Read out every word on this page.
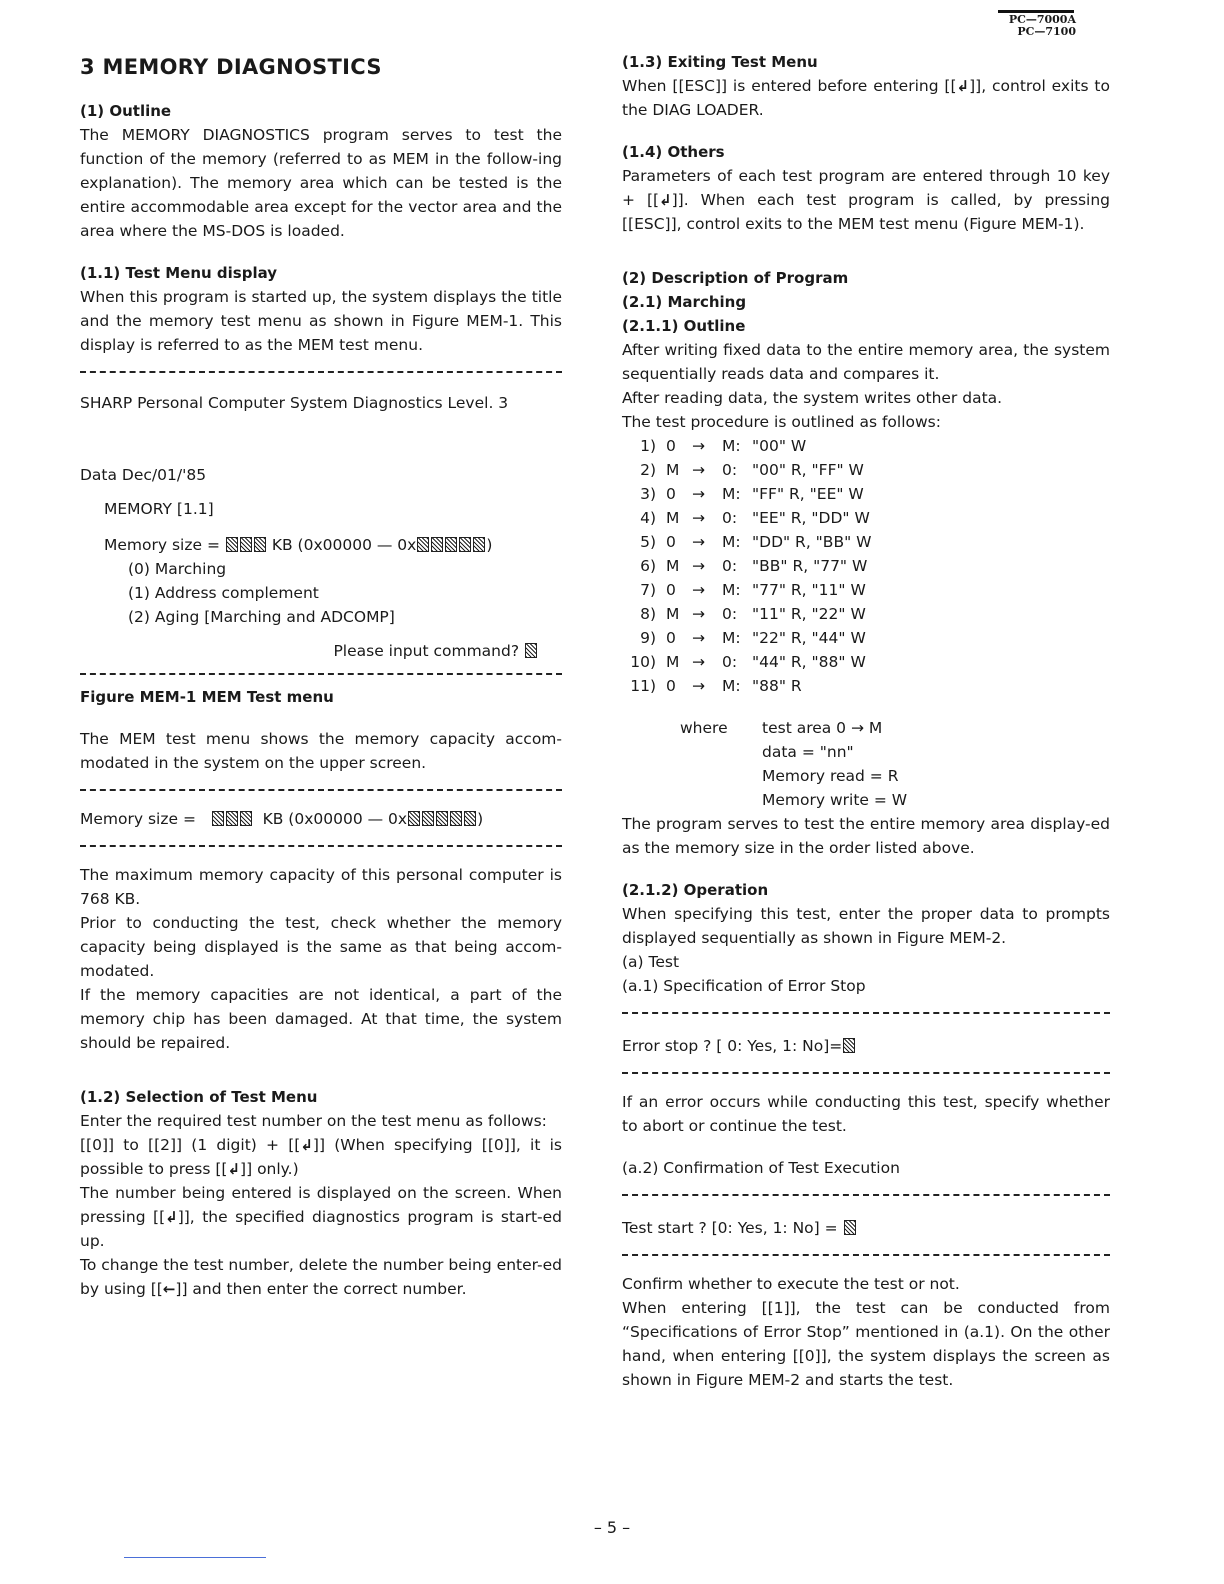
PC—7000A
PC—7100
3 MEMORY DIAGNOSTICS

(1) Outline

The MEMORY DIAGNOSTICS program serves to test the function of the memory (referred to as MEM in the follow-ing explanation). The memory area which can be tested is the entire accommodable area except for the vector area and the area where the MS-DOS is loaded.

(1.1) Test Menu display

When this program is started up, the system displays the title and the memory test menu as shown in Figure MEM-1. This display is referred to as the MEM test menu.

SHARP Personal Computer System Diagnostics Level. 3

Data Dec/01/'85

MEMORY [1.1]

Memory size =	KB (0x00000 — 0x	)

(0) Marching

(1) Address complement

(2) Aging [Marching and ADCOMP]

Please input command?

Figure MEM-1 MEM Test menu

The MEM test menu shows the memory capacity accom-modated in the system on the upper screen.

Memory size =	KB (0x00000 — 0x	)

The maximum memory capacity of this personal computer is 768 KB.

Prior to conducting the test, check whether the memory capacity being displayed is the same as that being accom-modated.

If the memory capacities are not identical, a part of the memory chip has been damaged. At that time, the system should be repaired.

(1.2) Selection of Test Menu

Enter the required test number on the test menu as follows:

[[0]] to [[2]] (1 digit) + [[↲]] (When specifying [[0]], it is possible to press [[↲]] only.)

The number being entered is displayed on the screen. When pressing [[↲]], the specified diagnostics program is start-ed up.

To change the test number, delete the number being enter-ed by using [[←]] and then enter the correct number.

(1.3) Exiting Test Menu

When [[ESC]] is entered before entering [[↲]], control exits to the DIAG LOADER.

(1.4) Others

Parameters of each test program are entered through 10 key + [[↲]]. When each test program is called, by pressing [[ESC]], control exits to the MEM test menu (Figure MEM-1).

(2) Description of Program

(2.1) Marching

(2.1.1) Outline

After writing fixed data to the entire memory area, the system sequentially reads data and compares it.

After reading data, the system writes other data.

The test procedure is outlined as follows:

1) 0	→	M: "00" W
2) M →	0: "00" R, "FF" W
3) 0	→	M: "FF" R, "EE" W
4) M →	0: "EE" R, "DD" W
5) 0	→	M: "DD" R, "BB" W
6) M →	0: "BB" R, "77" W
7) 0	→	M: "77" R, "11" W
8) M →	0: "11" R, "22" W
9) 0	→	M: "22" R, "44" W
10) M →	0: "44" R, "88" W
11) 0	→	M: "88" R
where	test area 0 → M
data = "nn"
Memory read = R
Memory write = W

The program serves to test the entire memory area display-ed as the memory size in the order listed above.

(2.1.2) Operation

When specifying this test, enter the proper data to prompts displayed sequentially as shown in Figure MEM-2.

(a) Test

(a.1) Specification of Error Stop

Error stop ? [ 0: Yes, 1: No]=

If an error occurs while conducting this test, specify whether to abort or continue the test.

(a.2) Confirmation of Test Execution

Test start ? [0: Yes, 1: No] =

Confirm whether to execute the test or not.

When entering [[1]], the test can be conducted from “Specifications of Error Stop” mentioned in (a.1). On the other hand, when entering [[0]], the system displays the screen as shown in Figure MEM-2 and starts the test.

– 5 –
